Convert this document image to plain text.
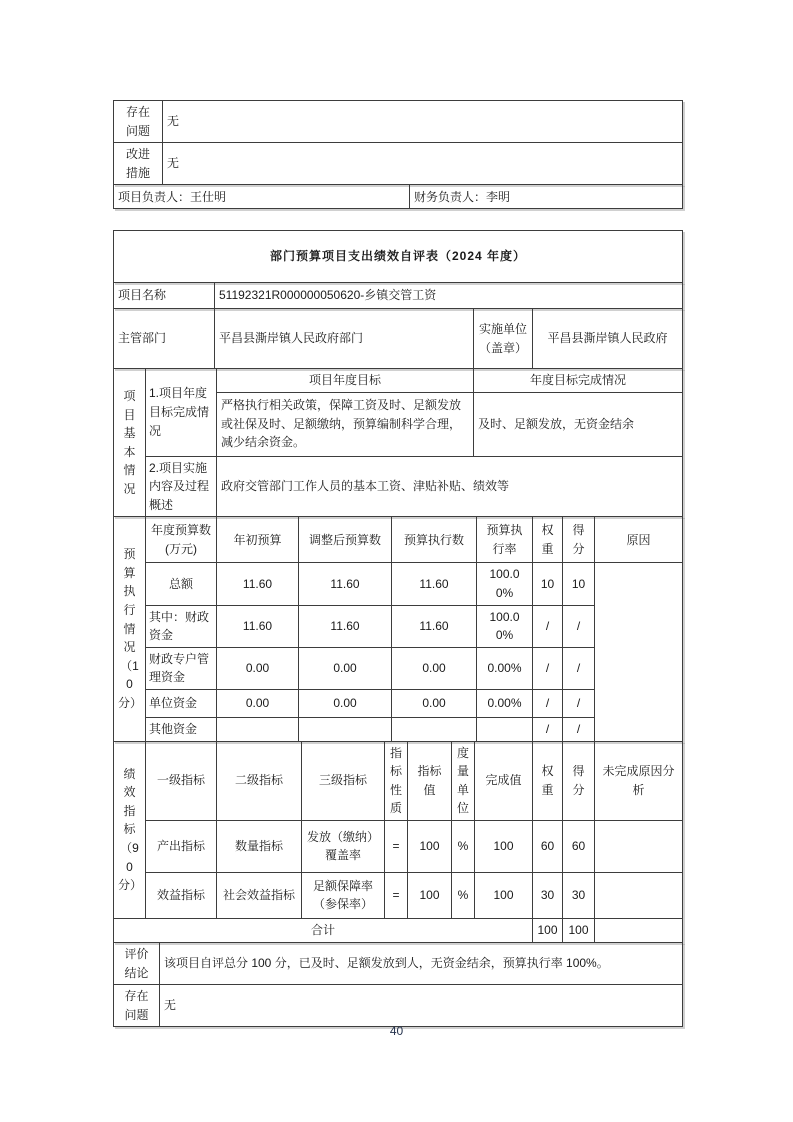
存在问题	无
改进措施	无
项目负责人：王仕明	财务负责人：李明
部门预算项目支出绩效自评表（2024 年度）
项目名称	51192321R000000050620-乡镇交管工资
主管部门	平昌县澌岸镇人民政府部门	实施单位（盖章）	平昌县澌岸镇人民政府
项目基本情况	1.项目年度目标完成情况	项目年度目标	年度目标完成情况
		严格执行相关政策，保障工资及时、足额发放或社保及时、足额缴纳，预算编制科学合理，减少结余资金。	及时、足额发放，无资金结余
	2.项目实施内容及过程概述	政府交管部门工作人员的基本工资、津贴补贴、绩效等	
预算执行情况（10分）	年度预算数(万元)	年初预算	调整后预算数	预算执行数	预算执行率	权重	得分	原因
	总额	11.60	11.60	11.60	100.00%	10	10	
	其中：财政资金	11.60	11.60	11.60	100.00%	/	/	
	财政专户管理资金	0.00	0.00	0.00	0.00%	/	/	
	单位资金	0.00	0.00	0.00	0.00%	/	/	
	其他资金					/	/	
绩效指标（90分）	一级指标	二级指标	三级指标	指标性质	指标值	度量单位	完成值	权重	得分	未完成原因分析
	产出指标	数量指标	发放（缴纳）覆盖率	=	100	%	100	60	60	
	效益指标	社会效益指标	足额保障率（参保率）	=	100	%	100	30	30	
合计								100	100	
评价结论	该项目自评总分 100 分，已及时、足额发放到人，无资金结余，预算执行率 100%。
存在问题	无
40
